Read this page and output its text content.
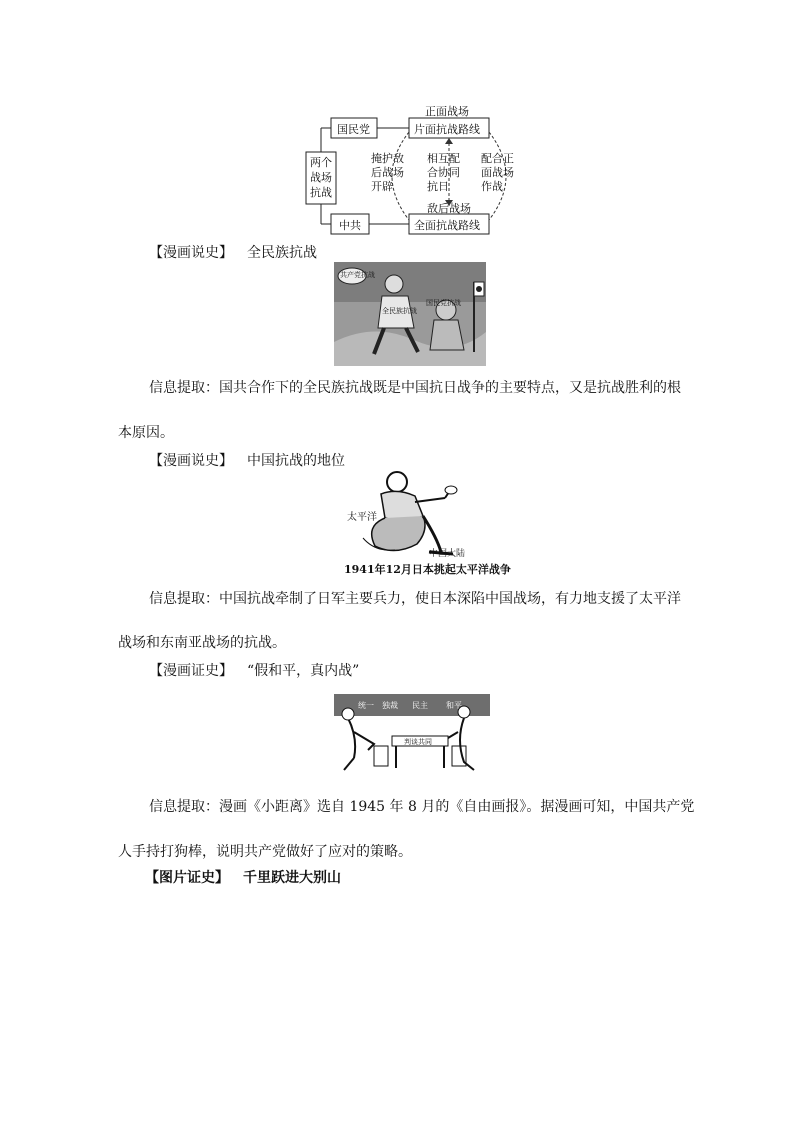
正面战场
国民党	片面抗战路线
两个
战场
抗战
掩护敌
后战场
开辟
相互配
合协同
抗日
配合正
面战场
作战
敌后战场
中共	全面抗战路线
【漫画说史】 全民族抗战
共产党抗战
国民党抗战
全民族抗战
信息提取：国共合作下的全民族抗战既是中国抗日战争的主要特点，又是抗战胜利的根
本原因。
【漫画说史】 中国抗战的地位
太平洋
中国大陆
1941年12月日本挑起太平洋战争
信息提取：中国抗战牵制了日军主要兵力，使日本深陷中国战场，有力地支援了太平洋
战场和东南亚战场的抗战。
【漫画证史】 “假和平，真内战”
统一 独裁 民主 和平
判谈共同
信息提取：漫画《小距离》选自 1945 年 8 月的《自由画报》。据漫画可知，中国共产党
人手持打狗棒，说明共产党做好了应对的策略。
【图片证史】 千里跃进大别山
